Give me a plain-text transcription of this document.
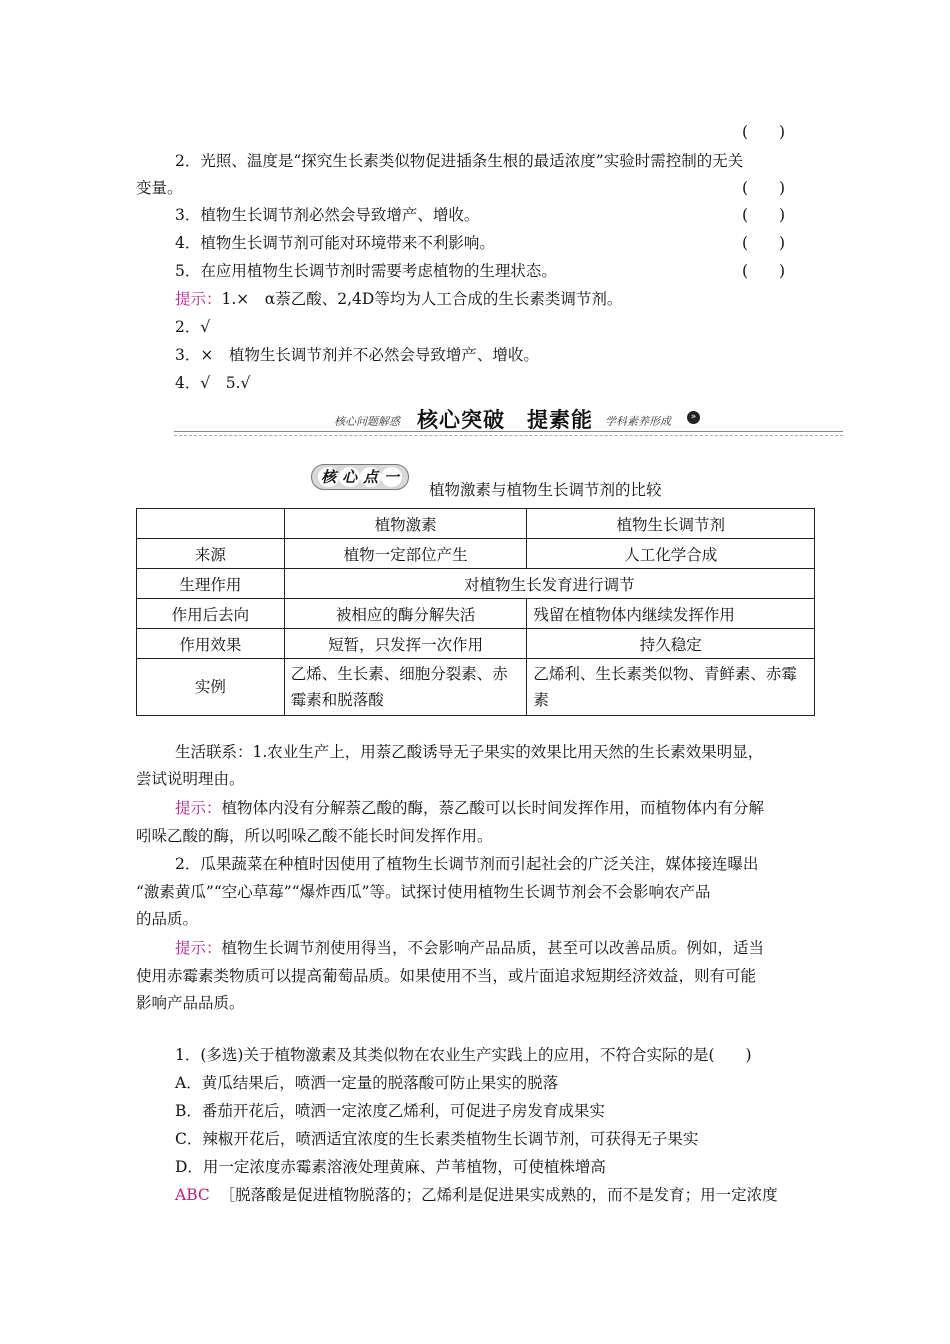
(　　)
2．光照、温度是“探究生长素类似物促进插条生根的最适浓度”实验时需控制的无关
变量。	(　　)
3．植物生长调节剂必然会导致增产、增收。	(　　)
4．植物生长调节剂可能对环境带来不利影响。	(　　)
5．在应用植物生长调节剂时需要考虑植物的生理状态。	(　　)
提示：1.×　α萘乙酸、2,4D等均为人工合成的生长素类调节剂。
2．√
3．×　植物生长调节剂并不必然会导致增产、增收。
4．√　5.√
核心问题解惑 核心突破	»
提素能 学科素养形成
核 心 点 一
植物激素与植物生长调节剂的比较
	植物激素	植物生长调节剂
来源	植物一定部位产生	人工化学合成
生理作用	对植物生长发育进行调节	
作用后去向	被相应的酶分解失活	残留在植物体内继续发挥作用
作用效果	短暂，只发挥一次作用	持久稳定
实例	乙烯、生长素、细胞分裂素、赤霉素和脱落酸	乙烯利、生长素类似物、青鲜素、赤霉素
生活联系：1.农业生产上，用萘乙酸诱导无子果实的效果比用天然的生长素效果明显，
尝试说明理由。
提示：植物体内没有分解萘乙酸的酶，萘乙酸可以长时间发挥作用，而植物体内有分解
吲哚乙酸的酶，所以吲哚乙酸不能长时间发挥作用。
2．瓜果蔬菜在种植时因使用了植物生长调节剂而引起社会的广泛关注，媒体接连曝出
“激素黄瓜”“空心草莓”“爆炸西瓜”等。试探讨使用植物生长调节剂会不会影响农产品
的品质。
提示：植物生长调节剂使用得当，不会影响产品品质，甚至可以改善品质。例如，适当
使用赤霉素类物质可以提高葡萄品质。如果使用不当，或片面追求短期经济效益，则有可能
影响产品品质。
1．(多选)关于植物激素及其类似物在农业生产实践上的应用，不符合实际的是(　　)
A．黄瓜结果后，喷洒一定量的脱落酸可防止果实的脱落
B．番茄开花后，喷洒一定浓度乙烯利，可促进子房发育成果实
C．辣椒开花后，喷洒适宜浓度的生长素类植物生长调节剂，可获得无子果实
D．用一定浓度赤霉素溶液处理黄麻、芦苇植物，可使植株增高
ABC ［脱落酸是促进植物脱落的；乙烯利是促进果实成熟的，而不是发育；用一定浓度
